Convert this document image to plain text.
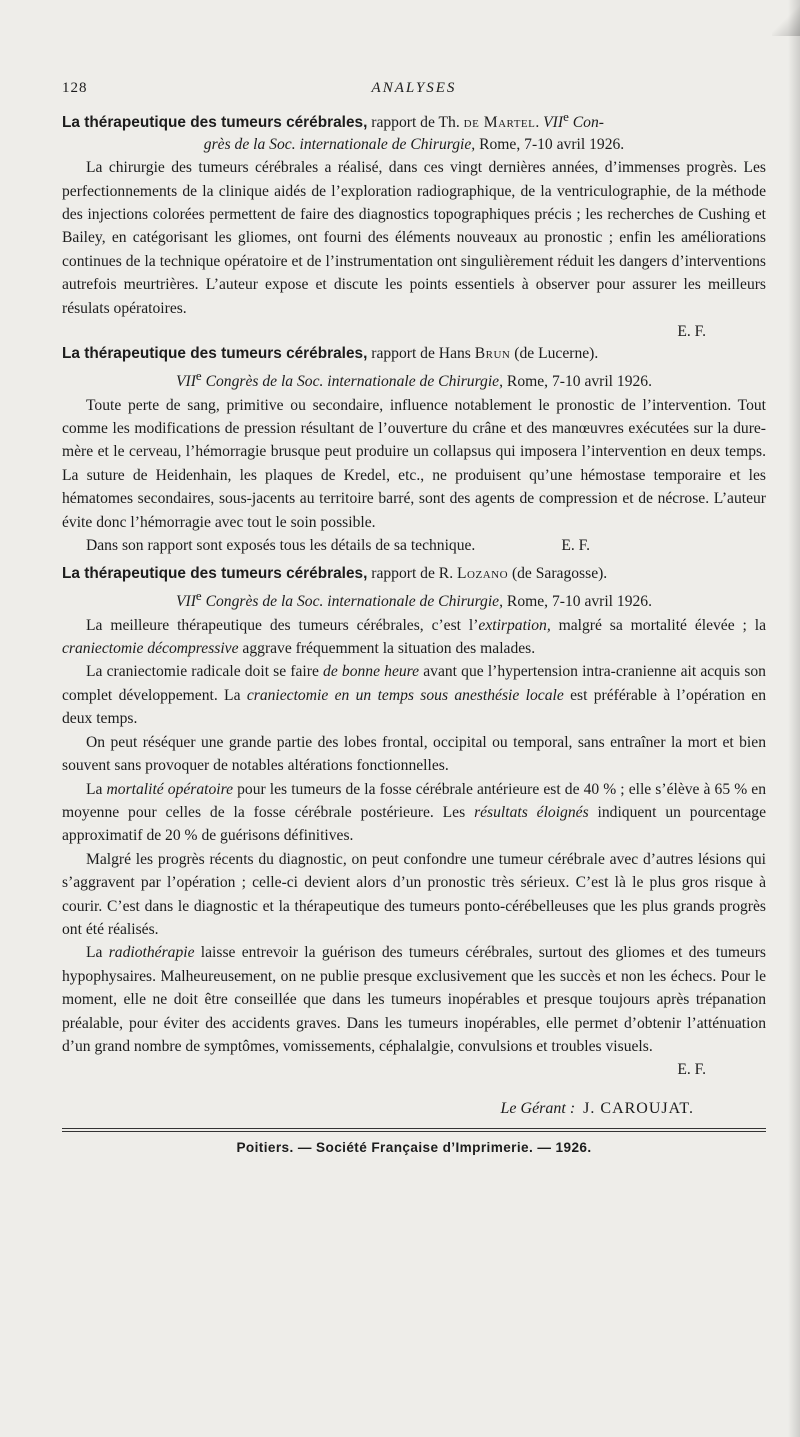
128	ANALYSES

La thérapeutique des tumeurs cérébrales, rapport de Th. de Martel. VIIe Con-
grès de la Soc. internationale de Chirurgie, Rome, 7-10 avril 1926.

La chirurgie des tumeurs cérébrales a réalisé, dans ces vingt dernières années, d’immenses progrès. Les perfectionnements de la clinique aidés de l’exploration radiographique, de la ventriculographie, de la méthode des injections colorées permettent de faire des diagnostics topographiques précis ; les recherches de Cushing et Bailey, en catégorisant les gliomes, ont fourni des éléments nouveaux au pronostic ; enfin les améliorations continues de la technique opératoire et de l’instrumentation ont singulièrement réduit les dangers d’interventions autrefois meurtrières. L’auteur expose et discute les points essentiels à observer pour assurer les meilleurs résulats opératoires.

E. F.

La thérapeutique des tumeurs cérébrales, rapport de Hans Brun (de Lucerne).
VIIe Congrès de la Soc. internationale de Chirurgie, Rome, 7-10 avril 1926.

Toute perte de sang, primitive ou secondaire, influence notablement le pronostic de l’intervention. Tout comme les modifications de pression résultant de l’ouverture du crâne et des manœuvres exécutées sur la dure-mère et le cerveau, l’hémorragie brusque peut produire un collapsus qui imposera l’intervention en deux temps. La suture de Heidenhain, les plaques de Kredel, etc., ne produisent qu’une hémostase temporaire et les hématomes secondaires, sous-jacents au territoire barré, sont des agents de compression et de nécrose. L’auteur évite donc l’hémorragie avec tout le soin possible.

Dans son rapport sont exposés tous les détails de sa technique.	E. F.

La thérapeutique des tumeurs cérébrales, rapport de R. Lozano (de Saragosse).
VIIe Congrès de la Soc. internationale de Chirurgie, Rome, 7-10 avril 1926.

La meilleure thérapeutique des tumeurs cérébrales, c’est l’extirpation, malgré sa mortalité élevée ; la craniectomie décompressive aggrave fréquemment la situation des malades.

La craniectomie radicale doit se faire de bonne heure avant que l’hypertension intra-cranienne ait acquis son complet développement. La craniectomie en un temps sous anesthésie locale est préférable à l’opération en deux temps.

On peut réséquer une grande partie des lobes frontal, occipital ou temporal, sans entraîner la mort et bien souvent sans provoquer de notables altérations fonctionnelles.

La mortalité opératoire pour les tumeurs de la fosse cérébrale antérieure est de 40 % ; elle s’élève à 65 % en moyenne pour celles de la fosse cérébrale postérieure. Les résultats éloignés indiquent un pourcentage approximatif de 20 % de guérisons définitives.

Malgré les progrès récents du diagnostic, on peut confondre une tumeur cérébrale avec d’autres lésions qui s’aggravent par l’opération ; celle-ci devient alors d’un pronostic très sérieux. C’est là le plus gros risque à courir. C’est dans le diagnostic et la thérapeutique des tumeurs ponto-cérébelleuses que les plus grands progrès ont été réalisés.

La radiothérapie laisse entrevoir la guérison des tumeurs cérébrales, surtout des gliomes et des tumeurs hypophysaires. Malheureusement, on ne publie presque exclusivement que les succès et non les échecs. Pour le moment, elle ne doit être conseillée que dans les tumeurs inopérables et presque toujours après trépanation préalable, pour éviter des accidents graves. Dans les tumeurs inopérables, elle permet d’obtenir l’atténuation d’un grand nombre de symptômes, vomissements, céphalalgie, convulsions et troubles visuels.

E. F.
Le Gérant : J. CAROUJAT.
Poitiers. — Société Française d’Imprimerie. — 1926.
